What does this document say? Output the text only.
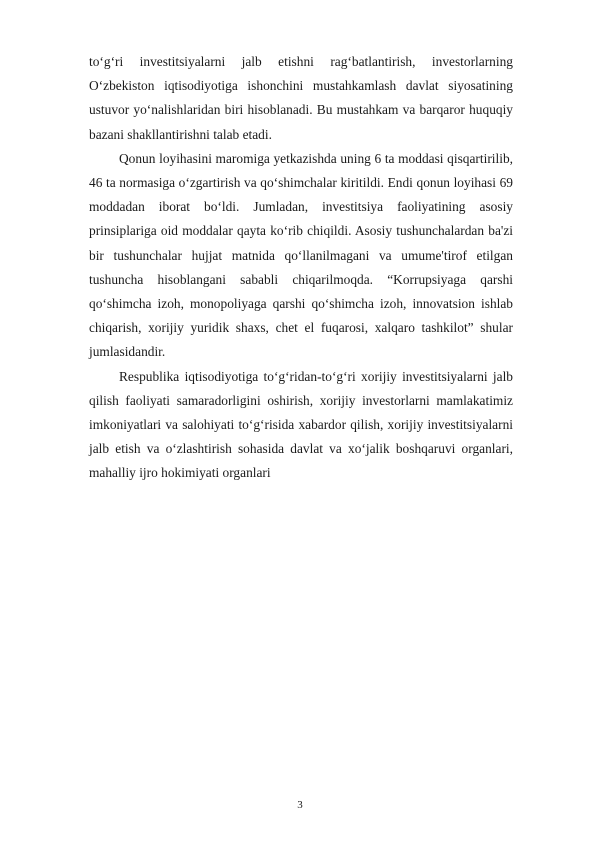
to‘g‘ri investitsiyalarni jalb etishni rag‘batlantirish, investorlarning O‘zbekiston iqtisodiyotiga ishonchini mustahkamlash davlat siyosatining ustuvor yo‘nalishlaridan biri hisoblanadi. Bu mustahkam va barqaror huquqiy bazani shakllantirishni talab etadi.

Qonun loyihasini maromiga yetkazishda uning 6 ta moddasi qisqartirilib, 46 ta normasiga o‘zgartirish va qo‘shimchalar kiritildi. Endi qonun loyihasi 69 moddadan iborat bo‘ldi. Jumladan, investitsiya faoliyatining asosiy prinsiplariga oid moddalar qayta ko‘rib chiqildi. Asosiy tushunchalardan ba'zi bir tushunchalar hujjat matnida qo‘llanilmagani va umume'tirof etilgan tushuncha hisoblangani sababli chiqarilmoqda. “Korrupsiyaga qarshi qo‘shimcha izoh, monopoliyaga qarshi qo‘shimcha izoh, innovatsion ishlab chiqarish, xorijiy yuridik shaxs, chet el fuqarosi, xalqaro tashkilot” shular jumlasidandir.

Respublika iqtisodiyotiga to‘g‘ridan-to‘g‘ri xorijiy investitsiyalarni jalb qilish faoliyati samaradorligini oshirish, xorijiy investorlarni mamlakatimiz imkoniyatlari va salohiyati to‘g‘risida xabardor qilish, xorijiy investitsiyalarni jalb etish va o‘zlashtirish sohasida davlat va xo‘jalik boshqaruvi organlari, mahalliy ijro hokimiyati organlari

3
